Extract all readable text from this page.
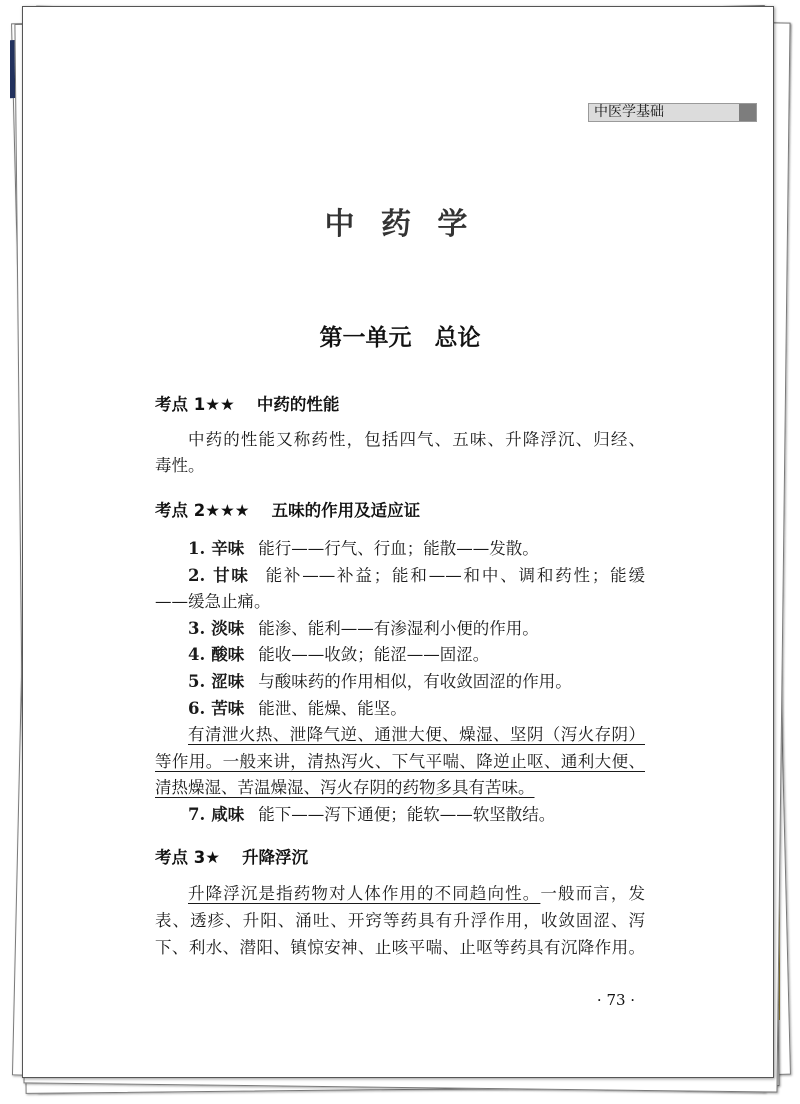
中医学基础
中 药 学
第一单元　总论
考点 1★★ 中药的性能
中药的性能又称药性，包括四气、五味、升降浮沉、归经、
毒性。
考点 2★★★ 五味的作用及适应证
1. 辛味 能行——行气、行血；能散——发散。
2. 甘味 能补——补益；能和——和中、调和药性；能缓
——缓急止痛。
3. 淡味 能渗、能利——有渗湿利小便的作用。
4. 酸味 能收——收敛；能涩——固涩。
5. 涩味 与酸味药的作用相似，有收敛固涩的作用。
6. 苦味 能泄、能燥、能坚。
有清泄火热、泄降气逆、通泄大便、燥湿、坚阴（泻火存阴）
等作用。一般来讲，清热泻火、下气平喘、降逆止呕、通利大便、
清热燥湿、苦温燥湿、泻火存阴的药物多具有苦味。
7. 咸味 能下——泻下通便；能软——软坚散结。
考点 3★ 升降浮沉
升降浮沉是指药物对人体作用的不同趋向性。一般而言，发
表、透疹、升阳、涌吐、开窍等药具有升浮作用，收敛固涩、泻
下、利水、潜阳、镇惊安神、止咳平喘、止呕等药具有沉降作用。
· 73 ·
